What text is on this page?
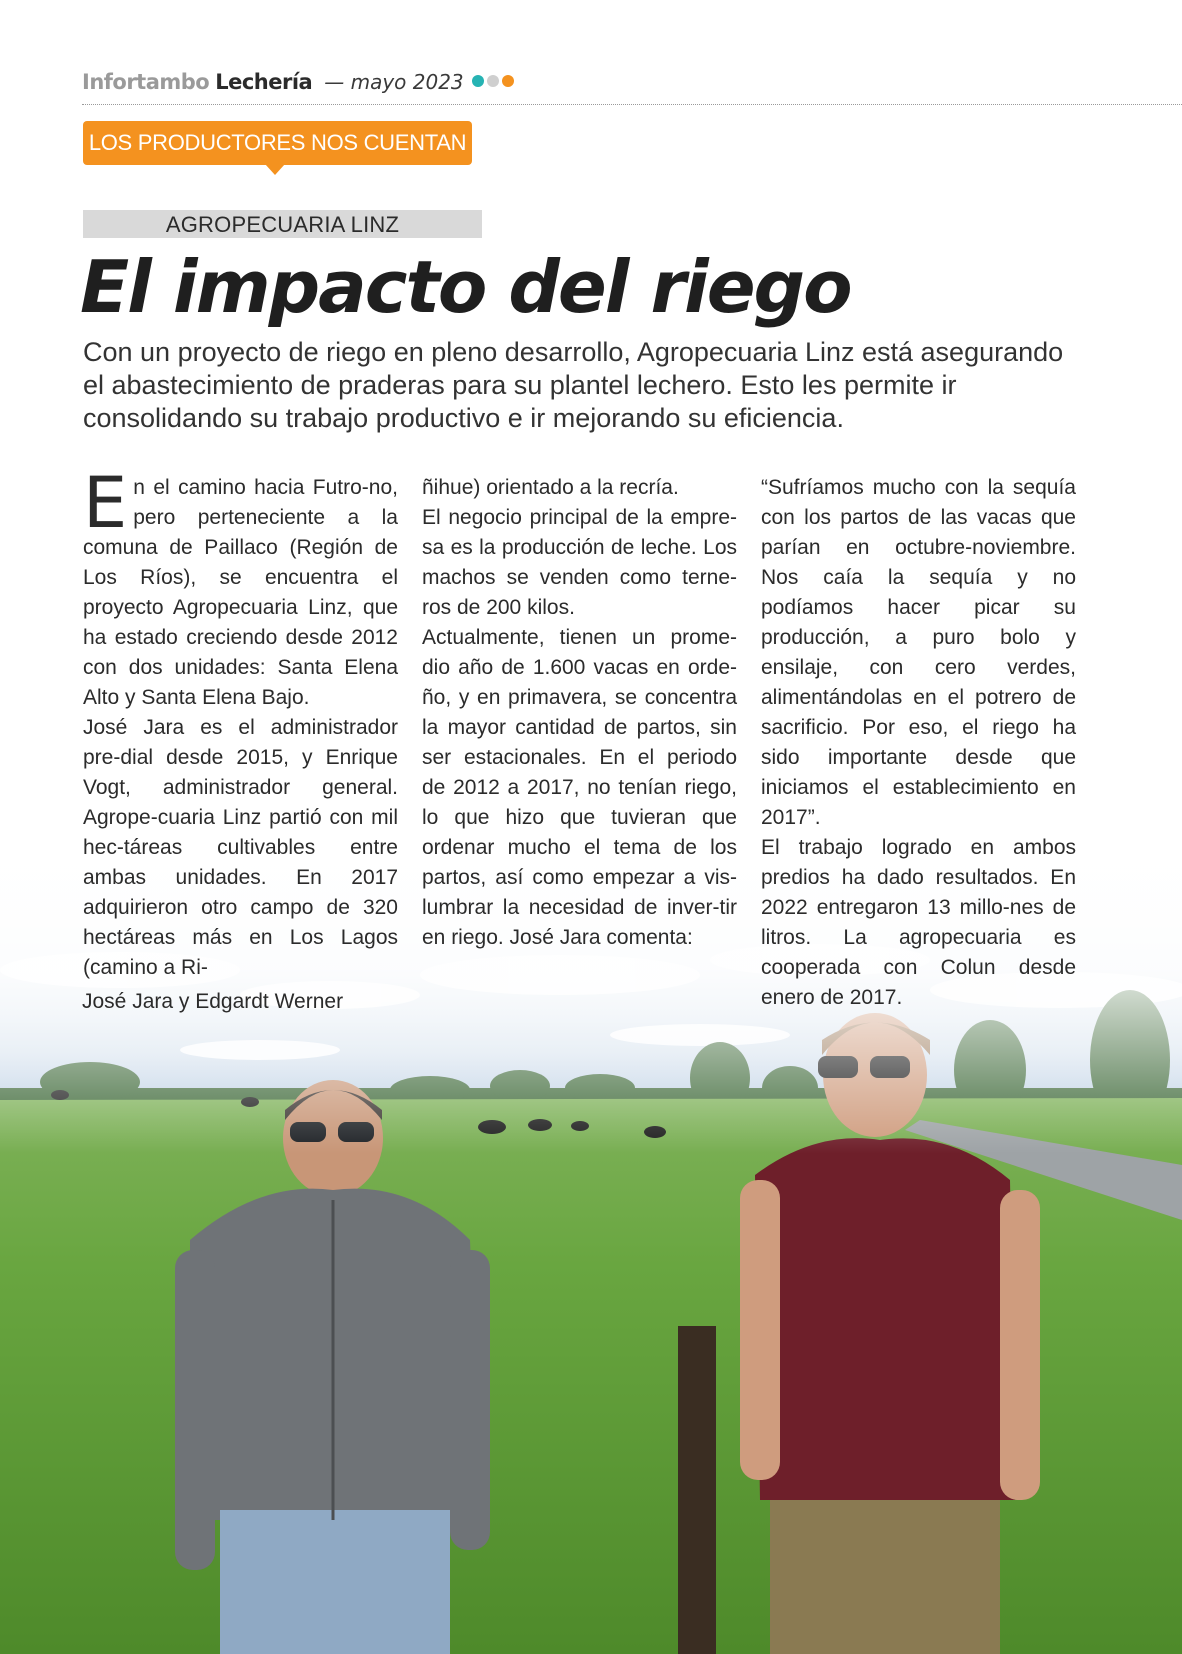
Infortambo Lechería — mayo 2023
LOS PRODUCTORES NOS CUENTAN
AGROPECUARIA LINZ
El impacto del riego

Con un proyecto de riego en pleno desarrollo, Agropecuaria Linz está asegurando el abastecimiento de praderas para su plantel lechero. Esto les permite ir consolidando su trabajo productivo e ir mejorando su eficiencia.

En el camino hacia Futro-no, pero perteneciente a la comuna de Paillaco (Región de Los Ríos), se encuentra el proyecto Agropecuaria Linz, que ha estado creciendo desde 2012 con dos unidades: Santa Elena Alto y Santa Elena Bajo.

José Jara es el administrador pre-dial desde 2015, y Enrique Vogt, administrador general. Agrope-cuaria Linz partió con mil hec-táreas cultivables entre ambas unidades. En 2017 adquirieron otro campo de 320 hectáreas más en Los Lagos (camino a Ri-

ñihue) orientado a la recría.

El negocio principal de la empre-sa es la producción de leche. Los machos se venden como terne-ros de 200 kilos.

Actualmente, tienen un prome-dio año de 1.600 vacas en orde-ño, y en primavera, se concentra la mayor cantidad de partos, sin ser estacionales. En el periodo de 2012 a 2017, no tenían riego, lo que hizo que tuvieran que ordenar mucho el tema de los partos, así como empezar a vis-lumbrar la necesidad de inver-tir en riego. José Jara comenta:

“Sufríamos mucho con la sequía con los partos de las vacas que parían en octubre-noviembre. Nos caía la sequía y no podíamos hacer picar su producción, a puro bolo y ensilaje, con cero verdes, alimentándolas en el potrero de sacrificio. Por eso, el riego ha sido importante desde que iniciamos el establecimiento en 2017”.

El trabajo logrado en ambos predios ha dado resultados. En 2022 entregaron 13 millo-nes de litros. La agropecuaria es cooperada con Colun desde enero de 2017.

José Jara y Edgardt Werner
